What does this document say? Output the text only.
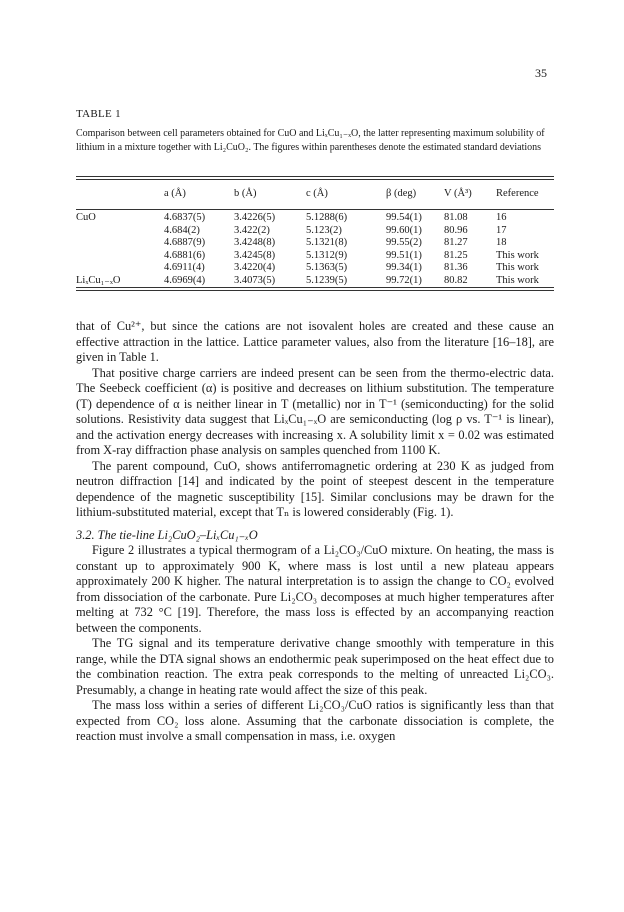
35
TABLE 1
Comparison between cell parameters obtained for CuO and LiₓCu₁₋ₓO, the latter representing maximum solubility of lithium in a mixture together with Li₂CuO₂. The figures within parentheses denote the estimated standard deviations
	a (Å)	b (Å)	c (Å)	β (deg)	V (Å³)	Reference
CuO	4.6837(5)	3.4226(5)	5.1288(6)	99.54(1)	81.08	16
	4.684(2)	3.422(2)	5.123(2)	99.60(1)	80.96	17
	4.6887(9)	3.4248(8)	5.1321(8)	99.55(2)	81.27	18
	4.6881(6)	3.4245(8)	5.1312(9)	99.51(1)	81.25	This work
	4.6911(4)	3.4220(4)	5.1363(5)	99.34(1)	81.36	This work
LiₓCu₁₋ₓO	4.6969(4)	3.4073(5)	5.1239(5)	99.72(1)	80.82	This work

that of Cu²⁺, but since the cations are not isovalent holes are created and these cause an effective attraction in the lattice. Lattice parameter values, also from the literature [16–18], are given in Table 1.

That positive charge carriers are indeed present can be seen from the thermo-electric data. The Seebeck coefficient (α) is positive and decreases on lithium substitution. The temperature (T) dependence of α is neither linear in T (metallic) nor in T⁻¹ (semiconducting) for the solid solutions. Resistivity data suggest that LiₓCu₁₋ₓO are semiconducting (log ρ vs. T⁻¹ is linear), and the activation energy decreases with increasing x. A solubility limit x = 0.02 was estimated from X-ray diffraction phase analysis on samples quenched from 1100 K.

The parent compound, CuO, shows antiferromagnetic ordering at 230 K as judged from neutron diffraction [14] and indicated by the point of steepest descent in the temperature dependence of the magnetic susceptibility [15]. Similar conclusions may be drawn for the lithium-substituted material, except that Tₙ is lowered considerably (Fig. 1).

3.2. The tie-line Li₂CuO₂–LiₓCu₁₋ₓO

Figure 2 illustrates a typical thermogram of a Li₂CO₃/CuO mixture. On heating, the mass is constant up to approximately 900 K, where mass is lost until a new plateau appears approximately 200 K higher. The natural interpretation is to assign the change to CO₂ evolved from dissociation of the carbonate. Pure Li₂CO₃ decomposes at much higher temperatures after melting at 732 °C [19]. Therefore, the mass loss is effected by an accompanying reaction between the components.

The TG signal and its temperature derivative change smoothly with temperature in this range, while the DTA signal shows an endothermic peak superimposed on the heat effect due to the combination reaction. The extra peak corresponds to the melting of unreacted Li₂CO₃. Presumably, a change in heating rate would affect the size of this peak.

The mass loss within a series of different Li₂CO₃/CuO ratios is significantly less than that expected from CO₂ loss alone. Assuming that the carbonate dissociation is complete, the reaction must involve a small compensation in mass, i.e. oxygen
